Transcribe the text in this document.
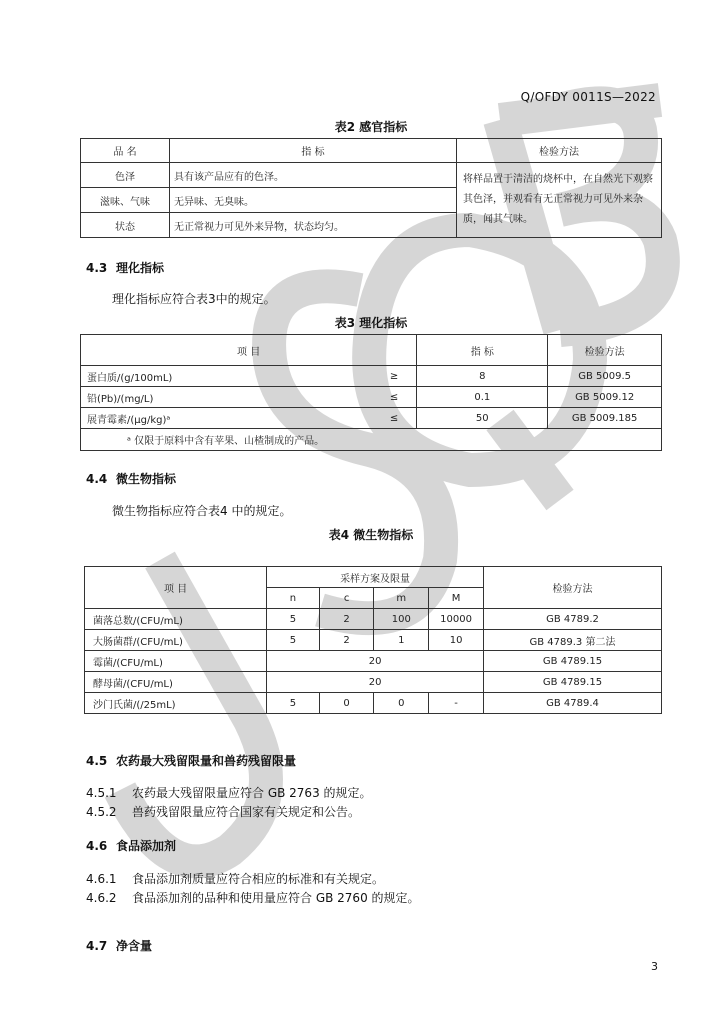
Q/OFDY 0011S—2022
表2 感官指标
品 名	指 标	检验方法
色泽	具有该产品应有的色泽。	将样品置于清洁的烧杯中，在自然光下观察其色泽，并观看有无正常视力可见外来杂质，闻其气味。
滋味、气味	无异味、无臭味。	
状态	无正常视力可见外来异物，状态均匀。	
4.3 理化指标
理化指标应符合表3中的规定。
表3 理化指标
项 目		指 标	检验方法
蛋白质/(g/100mL)	≥	8	GB 5009.5
铅(Pb)/(mg/L)	≤	0.1	GB 5009.12
展青霉素/(μg/kg)ᵃ	≤	50	GB 5009.185
ᵃ 仅限于原料中含有苹果、山楂制成的产品。			
4.4 微生物指标
微生物指标应符合表4 中的规定。
表4 微生物指标
项 目	采样方案及限量				检验方法
	n	c	m	M	
菌落总数/(CFU/mL)	5	2	100	10000	GB 4789.2
大肠菌群/(CFU/mL)	5	2	1	10	GB 4789.3 第二法
霉菌/(CFU/mL)	20				GB 4789.15
酵母菌/(CFU/mL)	20				GB 4789.15
沙门氏菌/(/25mL)	5	0	0	-	GB 4789.4
4.5 农药最大残留限量和兽药残留限量
4.5.1 农药最大残留限量应符合 GB 2763 的规定。
4.5.2 兽药残留限量应符合国家有关规定和公告。
4.6 食品添加剂
4.6.1 食品添加剂质量应符合相应的标准和有关规定。
4.6.2 食品添加剂的品种和使用量应符合 GB 2760 的规定。
4.7 净含量
3
